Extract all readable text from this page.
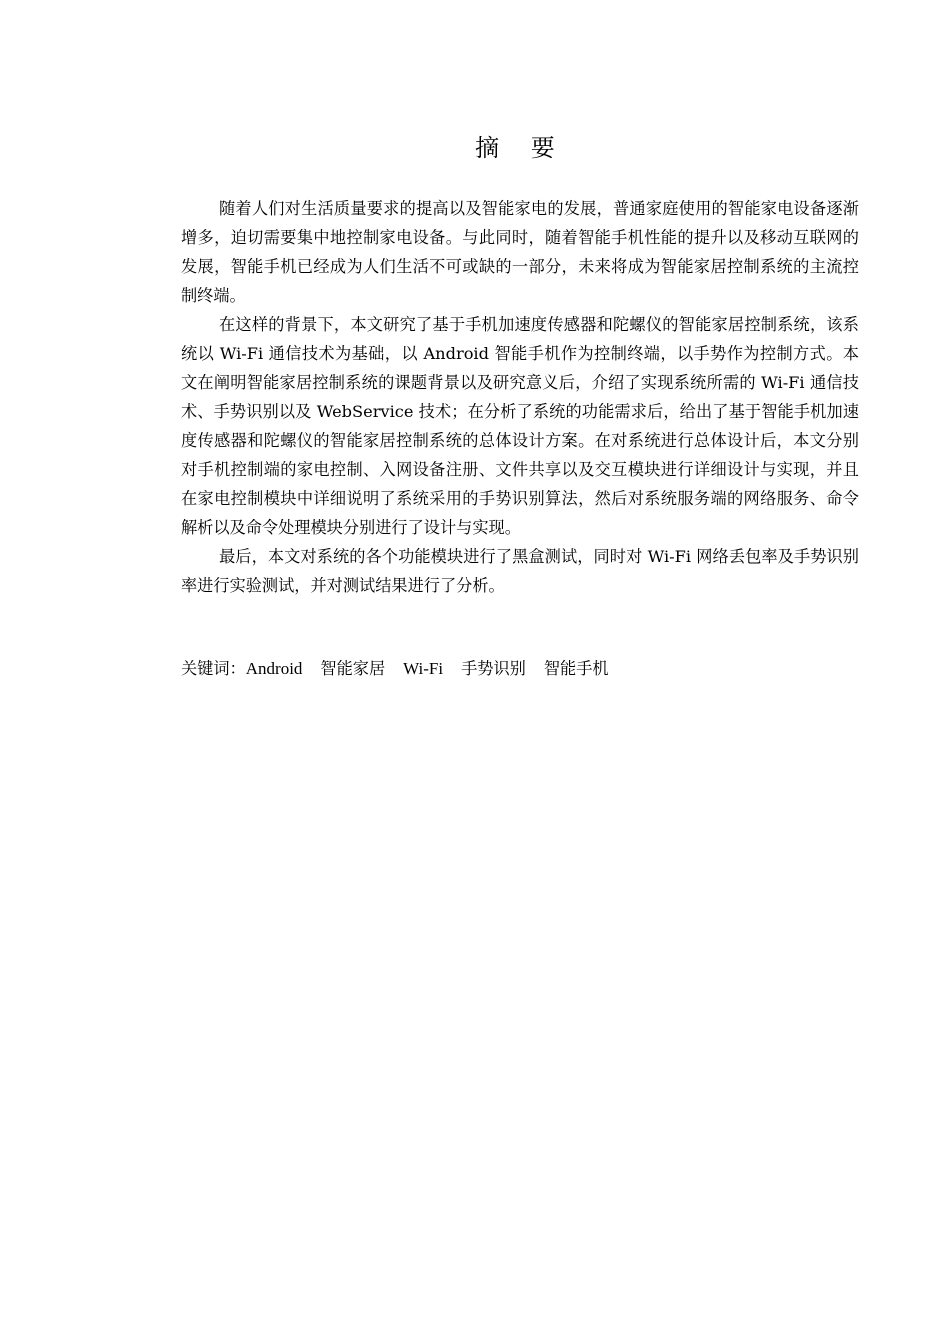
摘 要

随着人们对生活质量要求的提高以及智能家电的发展，普通家庭使用的智能家电设备逐渐增多，迫切需要集中地控制家电设备。与此同时，随着智能手机性能的提升以及移动互联网的发展，智能手机已经成为人们生活不可或缺的一部分，未来将成为智能家居控制系统的主流控制终端。

在这样的背景下，本文研究了基于手机加速度传感器和陀螺仪的智能家居控制系统，该系统以 Wi-Fi 通信技术为基础，以 Android 智能手机作为控制终端，以手势作为控制方式。本文在阐明智能家居控制系统的课题背景以及研究意义后，介绍了实现系统所需的 Wi-Fi 通信技术、手势识别以及 WebService 技术；在分析了系统的功能需求后，给出了基于智能手机加速度传感器和陀螺仪的智能家居控制系统的总体设计方案。在对系统进行总体设计后，本文分别对手机控制端的家电控制、入网设备注册、文件共享以及交互模块进行详细设计与实现，并且在家电控制模块中详细说明了系统采用的手势识别算法，然后对系统服务端的网络服务、命令解析以及命令处理模块分别进行了设计与实现。

最后，本文对系统的各个功能模块进行了黑盒测试，同时对 Wi-Fi 网络丢包率及手势识别率进行实验测试，并对测试结果进行了分析。

关键词：Android 智能家居 Wi-Fi 手势识别 智能手机
